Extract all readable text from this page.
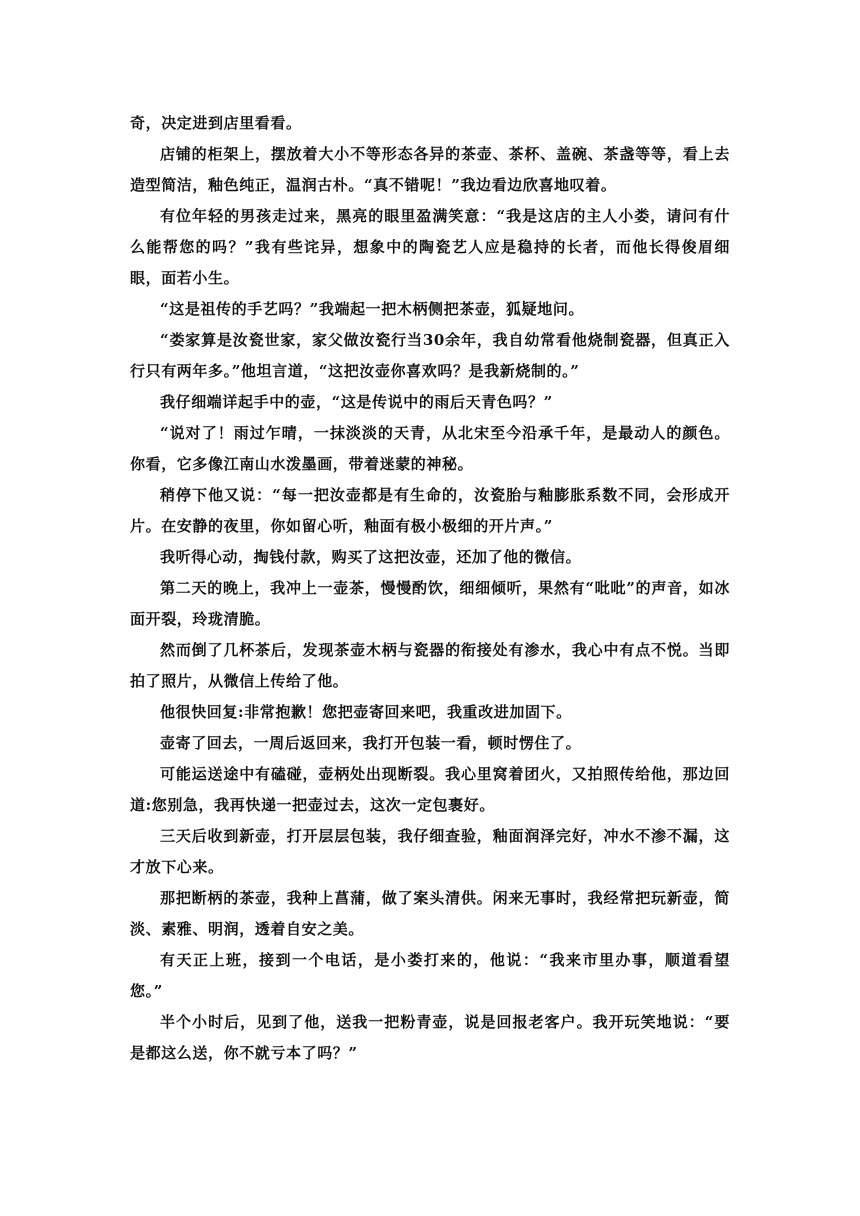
奇，决定进到店里看看。

店铺的柜架上，摆放着大小不等形态各异的茶壶、茶杯、盖碗、茶盏等等，看上去造型简洁，釉色纯正，温润古朴。“真不错呢！”我边看边欣喜地叹着。

有位年轻的男孩走过来，黑亮的眼里盈满笑意：“我是这店的主人小娄，请问有什么能帮您的吗？”我有些诧异，想象中的陶瓷艺人应是稳持的长者，而他长得俊眉细眼，面若小生。

“这是祖传的手艺吗？”我端起一把木柄侧把茶壶，狐疑地问。

“娄家算是汝瓷世家，家父做汝瓷行当30余年，我自幼常看他烧制瓷器，但真正入行只有两年多。”他坦言道，“这把汝壶你喜欢吗？是我新烧制的。”

我仔细端详起手中的壶，“这是传说中的雨后天青色吗？”

“说对了！雨过乍晴，一抹淡淡的天青，从北宋至今沿承千年，是最动人的颜色。你看，它多像江南山水泼墨画，带着迷蒙的神秘。

稍停下他又说：“每一把汝壶都是有生命的，汝瓷胎与釉膨胀系数不同，会形成开片。在安静的夜里，你如留心听，釉面有极小极细的开片声。”

我听得心动，掏钱付款，购买了这把汝壶，还加了他的微信。

第二天的晚上，我冲上一壶茶，慢慢酌饮，细细倾听，果然有“吡吡”的声音，如冰面开裂，玲珑清脆。

然而倒了几杯茶后，发现茶壶木柄与瓷器的衔接处有渗水，我心中有点不悦。当即拍了照片，从微信上传给了他。

他很快回复:非常抱歉！您把壶寄回来吧，我重改进加固下。

壶寄了回去，一周后返回来，我打开包装一看，顿时愣住了。

可能运送途中有磕碰，壶柄处出现断裂。我心里窝着团火，又拍照传给他，那边回道:您别急，我再快递一把壶过去，这次一定包裹好。

三天后收到新壶，打开层层包装，我仔细查验，釉面润泽完好，冲水不渗不漏，这才放下心来。

那把断柄的茶壶，我种上菖蒲，做了案头清供。闲来无事时，我经常把玩新壶，简淡、素雅、明润，透着自安之美。

有天正上班，接到一个电话，是小娄打来的，他说：“我来市里办事，顺道看望您。”

半个小时后，见到了他，送我一把粉青壶，说是回报老客户。我开玩笑地说：“要是都这么送，你不就亏本了吗？”
